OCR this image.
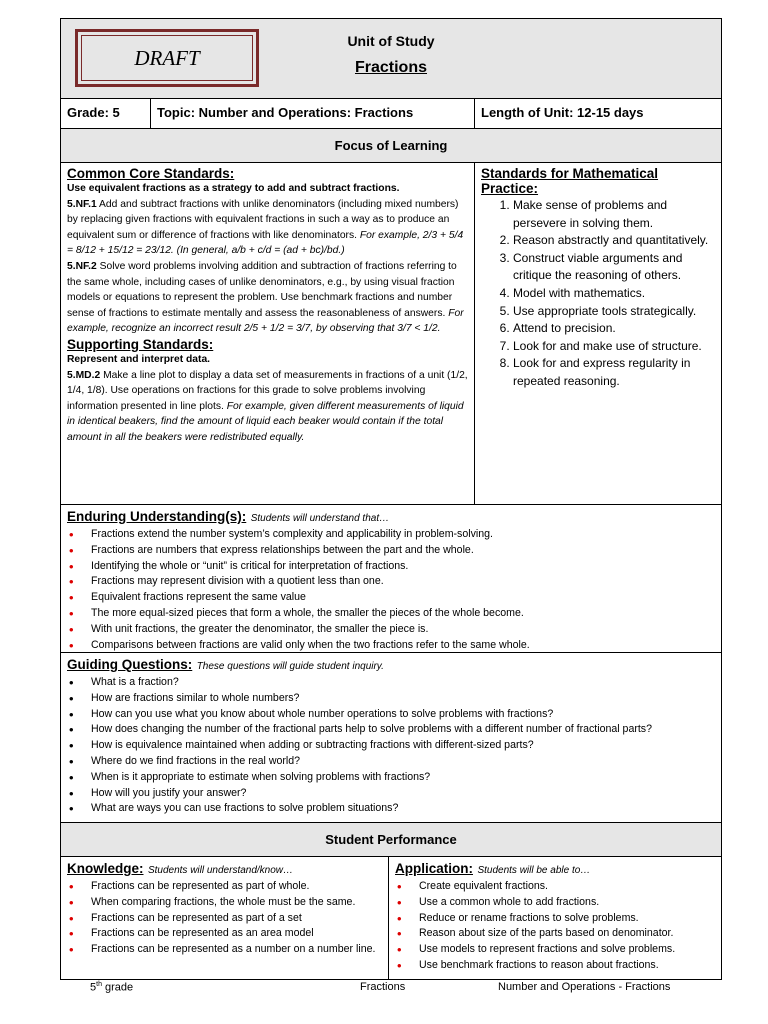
DRAFT
Unit of Study
Fractions
Grade: 5	Topic: Number and Operations: Fractions	Length of Unit: 12-15 days
Focus of Learning
Common Core Standards:
Use equivalent fractions as a strategy to add and subtract fractions.
5.NF.1 Add and subtract fractions with unlike denominators (including mixed numbers) by replacing given fractions with equivalent fractions in such a way as to produce an equivalent sum or difference of fractions with like denominators. For example, 2/3 + 5/4 = 8/12 + 15/12 = 23/12. (In general, a/b + c/d = (ad + bc)/bd.)
5.NF.2 Solve word problems involving addition and subtraction of fractions referring to the same whole, including cases of unlike denominators, e.g., by using visual fraction models or equations to represent the problem. Use benchmark fractions and number sense of fractions to estimate mentally and assess the reasonableness of answers. For example, recognize an incorrect result 2/5 + 1/2 = 3/7, by observing that 3/7 < 1/2.
Supporting Standards:
Represent and interpret data.
5.MD.2 Make a line plot to display a data set of measurements in fractions of a unit (1/2, 1/4, 1/8). Use operations on fractions for this grade to solve problems involving information presented in line plots. For example, given different measurements of liquid in identical beakers, find the amount of liquid each beaker would contain if the total amount in all the beakers were redistributed equally.
Standards for Mathematical Practice:
1. Make sense of problems and persevere in solving them.
2. Reason abstractly and quantitatively.
3. Construct viable arguments and critique the reasoning of others.
4. Model with mathematics.
5. Use appropriate tools strategically.
6. Attend to precision.
7. Look for and make use of structure.
8. Look for and express regularity in repeated reasoning.
Enduring Understanding(s): Students will understand that…
• Fractions extend the number system’s complexity and applicability in problem-solving.
• Fractions are numbers that express relationships between the part and the whole.
• Identifying the whole or “unit” is critical for interpretation of fractions.
• Fractions may represent division with a quotient less than one.
• Equivalent fractions represent the same value
• The more equal-sized pieces that form a whole, the smaller the pieces of the whole become.
• With unit fractions, the greater the denominator, the smaller the piece is.
• Comparisons between fractions are valid only when the two fractions refer to the same whole.
Guiding Questions: These questions will guide student inquiry.
• What is a fraction?
• How are fractions similar to whole numbers?
• How can you use what you know about whole number operations to solve problems with fractions?
• How does changing the number of the fractional parts help to solve problems with a different number of fractional parts?
• How is equivalence maintained when adding or subtracting fractions with different-sized parts?
• Where do we find fractions in the real world?
• When is it appropriate to estimate when solving problems with fractions?
• How will you justify your answer?
• What are ways you can use fractions to solve problem situations?
Student Performance
Knowledge: Students will understand/know…
• Fractions can be represented as part of whole.
• When comparing fractions, the whole must be the same.
• Fractions can be represented as part of a set
• Fractions can be represented as an area model
• Fractions can be represented as a number on a number line.
Application: Students will be able to…
• Create equivalent fractions.
• Use a common whole to add fractions.
• Reduce or rename fractions to solve problems.
• Reason about size of the parts based on denominator.
• Use models to represent fractions and solve problems.
• Use benchmark fractions to reason about fractions.
5th grade	Fractions	Number and Operations - Fractions
